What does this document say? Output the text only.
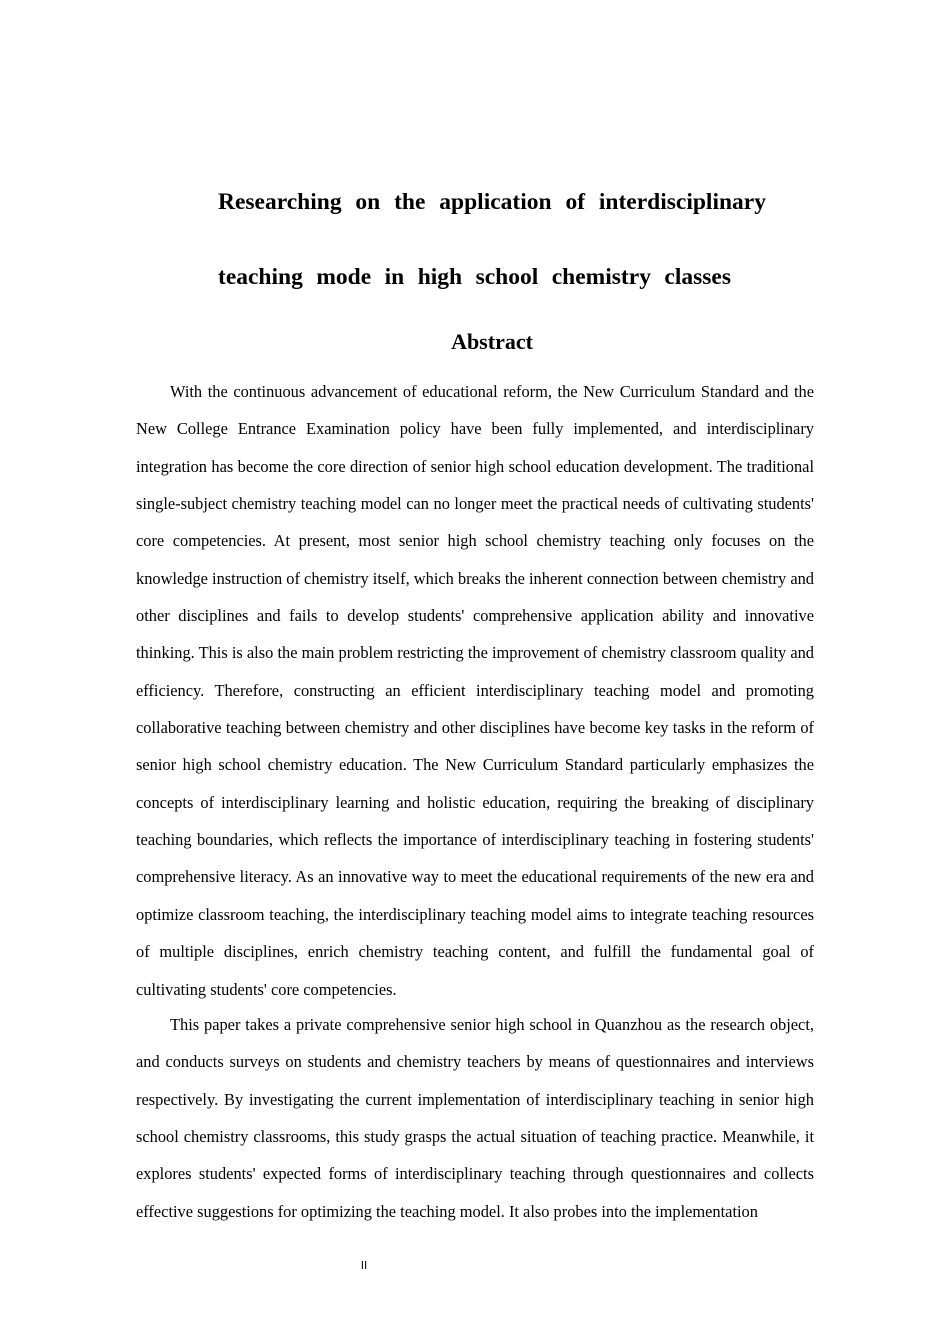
Researching on the application of interdisciplinary
teaching mode in high school chemistry classes
Abstract

With the continuous advancement of educational reform, the New Curriculum Standard and the New College Entrance Examination policy have been fully implemented, and interdisciplinary integration has become the core direction of senior high school education development. The traditional single-subject chemistry teaching model can no longer meet the practical needs of cultivating students' core competencies. At present, most senior high school chemistry teaching only focuses on the knowledge instruction of chemistry itself, which breaks the inherent connection between chemistry and other disciplines and fails to develop students' comprehensive application ability and innovative thinking. This is also the main problem restricting the improvement of chemistry classroom quality and efficiency. Therefore, constructing an efficient interdisciplinary teaching model and promoting collaborative teaching between chemistry and other disciplines have become key tasks in the reform of senior high school chemistry education. The New Curriculum Standard particularly emphasizes the concepts of interdisciplinary learning and holistic education, requiring the breaking of disciplinary teaching boundaries, which reflects the importance of interdisciplinary teaching in fostering students' comprehensive literacy. As an innovative way to meet the educational requirements of the new era and optimize classroom teaching, the interdisciplinary teaching model aims to integrate teaching resources of multiple disciplines, enrich chemistry teaching content, and fulfill the fundamental goal of cultivating students' core competencies.

This paper takes a private comprehensive senior high school in Quanzhou as the research object, and conducts surveys on students and chemistry teachers by means of questionnaires and interviews respectively. By investigating the current implementation of interdisciplinary teaching in senior high school chemistry classrooms, this study grasps the actual situation of teaching practice. Meanwhile, it explores students' expected forms of interdisciplinary teaching through questionnaires and collects effective suggestions for optimizing the teaching model. It also probes into the implementation

II
